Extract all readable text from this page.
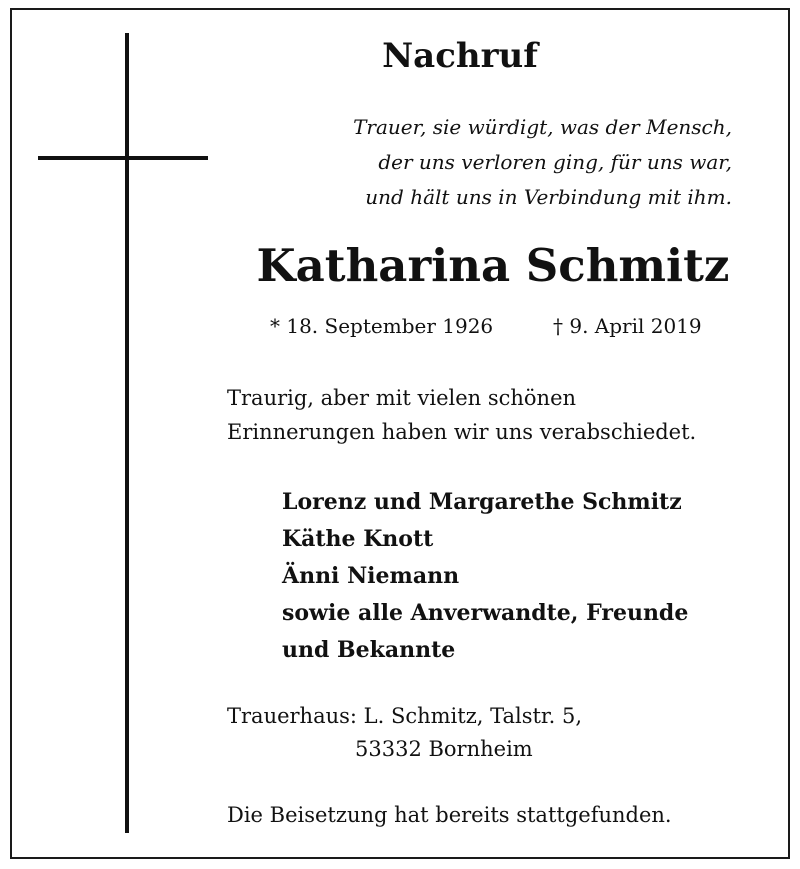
Nachruf
Trauer, sie würdigt, was der Mensch,
der uns verloren ging, für uns war,
und hält uns in Verbindung mit ihm.
Katharina Schmitz
* 18. September 1926	† 9. April 2019
Traurig, aber mit vielen schönen
Erinnerungen haben wir uns verabschiedet.
Lorenz und Margarethe Schmitz
Käthe Knott
Änni Niemann
sowie alle Anverwandte, Freunde
und Bekannte
Trauerhaus: L. Schmitz, Talstr. 5,
53332 Bornheim
Die Beisetzung hat bereits stattgefunden.
